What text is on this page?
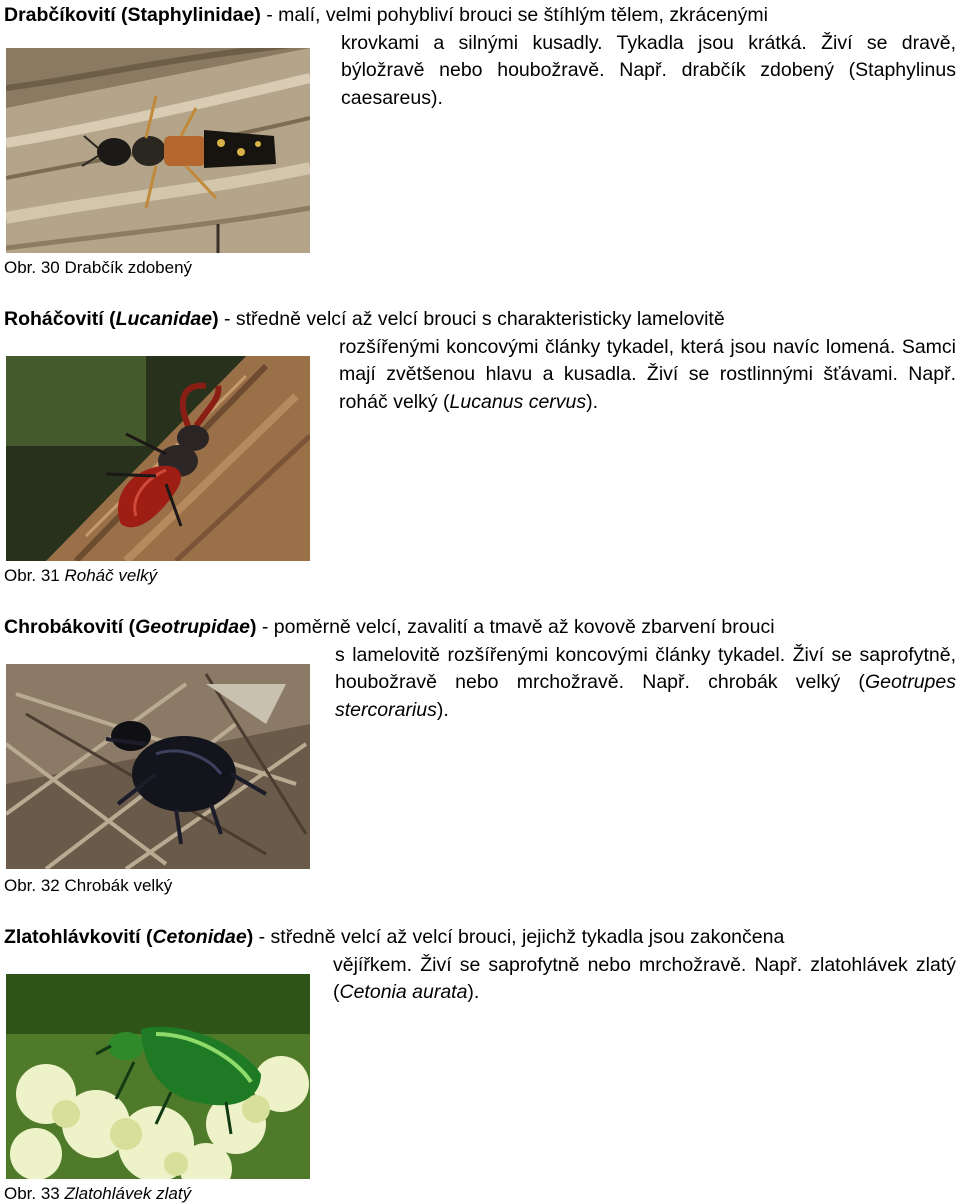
Drabčíkovití (Staphylinidae) - malí, velmi pohybliví brouci se štíhlým tělem, zkrácenými
krovkami a silnými kusadly. Tykadla jsou krátká. Živí se dravě, býložravě nebo houbožravě. Např. drabčík zdobený (Staphylinus caesareus).
Obr. 30 Drabčík zdobený
Roháčovití (Lucanidae) - středně velcí až velcí brouci s charakteristicky lamelovitě
rozšířenými koncovými články tykadel, která jsou navíc lomená. Samci mají zvětšenou hlavu a kusadla. Živí se rostlinnými šťávami. Např. roháč velký (Lucanus cervus).
Obr. 31 Roháč velký
Chrobákovití (Geotrupidae) - poměrně velcí, zavalití a tmavě až kovově zbarvení brouci
s lamelovitě rozšířenými koncovými články tykadel. Živí se saprofytně, houbožravě nebo mrchožravě. Např. chrobák velký (Geotrupes stercorarius).
Obr. 32 Chrobák velký
Zlatohlávkovití (Cetonidae) - středně velcí až velcí brouci, jejichž tykadla jsou zakončena
vějířkem. Živí se saprofytně nebo mrchožravě. Např. zlatohlávek zlatý (Cetonia aurata).
Obr. 33 Zlatohlávek zlatý
